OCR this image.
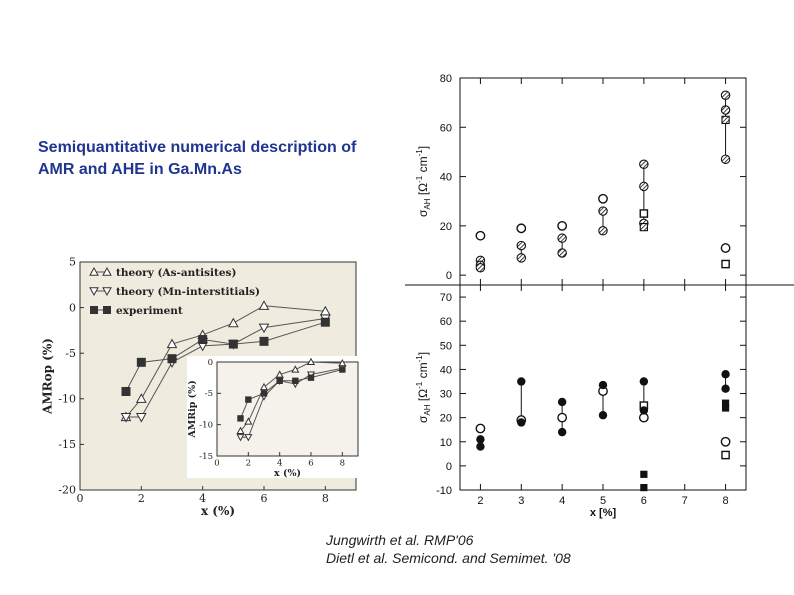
Semiquantitative numerical description of
AMR and AHE in Ga.Mn.As
0	2	4	6	8
-20
-15
-10
-5
0
5
x (%)
AMRop (%)
theory (As-antisites)
theory (Mn-interstitials)
experiment
0	2	4	6	8
-15
-10
-5
0
x (%)
AMRip (%)
0
20
40
60
80
$\sigma_{AH}$ [$\Omega^{-1}$ $cm^{-1}$]
-10
0
10
20
30
40
50
60
70
2	3	4	5	6	7	8
x [%]
$\sigma_{AH}$ [$\Omega^{-1}$ $cm^{-1}$]
Jungwirth et al. RMP'06
Dietl et al. Semicond. and Semimet. '08
